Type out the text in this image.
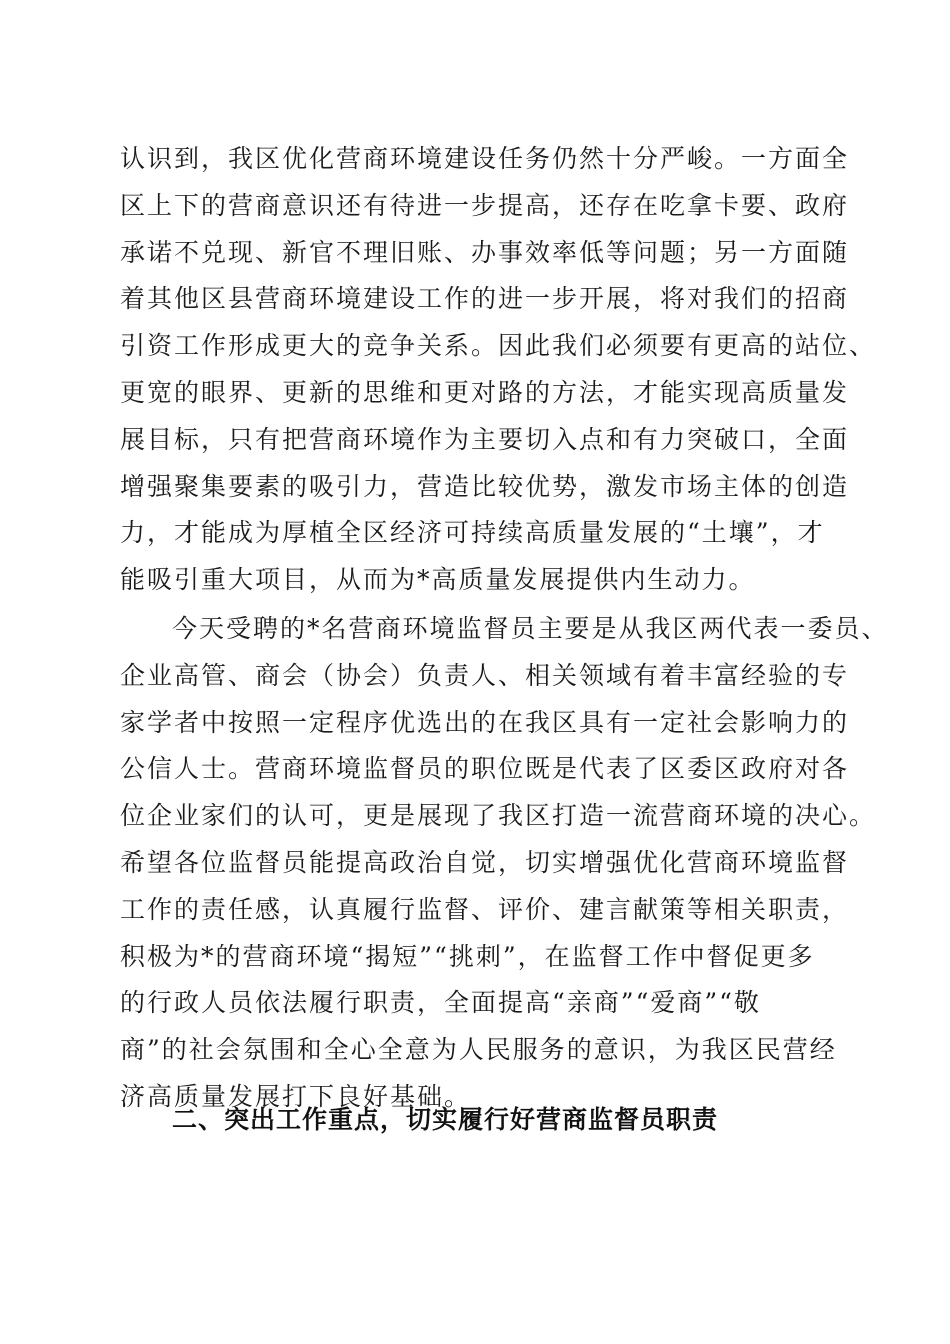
认识到，我区优化营商环境建设任务仍然十分严峻。一方面全
区上下的营商意识还有待进一步提高，还存在吃拿卡要、政府
承诺不兑现、新官不理旧账、办事效率低等问题；另一方面随
着其他区县营商环境建设工作的进一步开展，将对我们的招商
引资工作形成更大的竞争关系。因此我们必须要有更高的站位、
更宽的眼界、更新的思维和更对路的方法，才能实现高质量发
展目标，只有把营商环境作为主要切入点和有力突破口，全面
增强聚集要素的吸引力，营造比较优势，激发市场主体的创造
力，才能成为厚植全区经济可持续高质量发展的“土壤”，才
能吸引重大项目，从而为*高质量发展提供内生动力。
今天受聘的*名营商环境监督员主要是从我区两代表一委员、
企业高管、商会（协会）负责人、相关领域有着丰富经验的专
家学者中按照一定程序优选出的在我区具有一定社会影响力的
公信人士。营商环境监督员的职位既是代表了区委区政府对各
位企业家们的认可，更是展现了我区打造一流营商环境的决心。
希望各位监督员能提高政治自觉，切实增强优化营商环境监督
工作的责任感，认真履行监督、评价、建言献策等相关职责，
积极为*的营商环境“揭短”“挑刺”，在监督工作中督促更多
的行政人员依法履行职责，全面提高“亲商”“爱商”“敬
商”的社会氛围和全心全意为人民服务的意识，为我区民营经
济高质量发展打下良好基础。
二、突出工作重点，切实履行好营商监督员职责
